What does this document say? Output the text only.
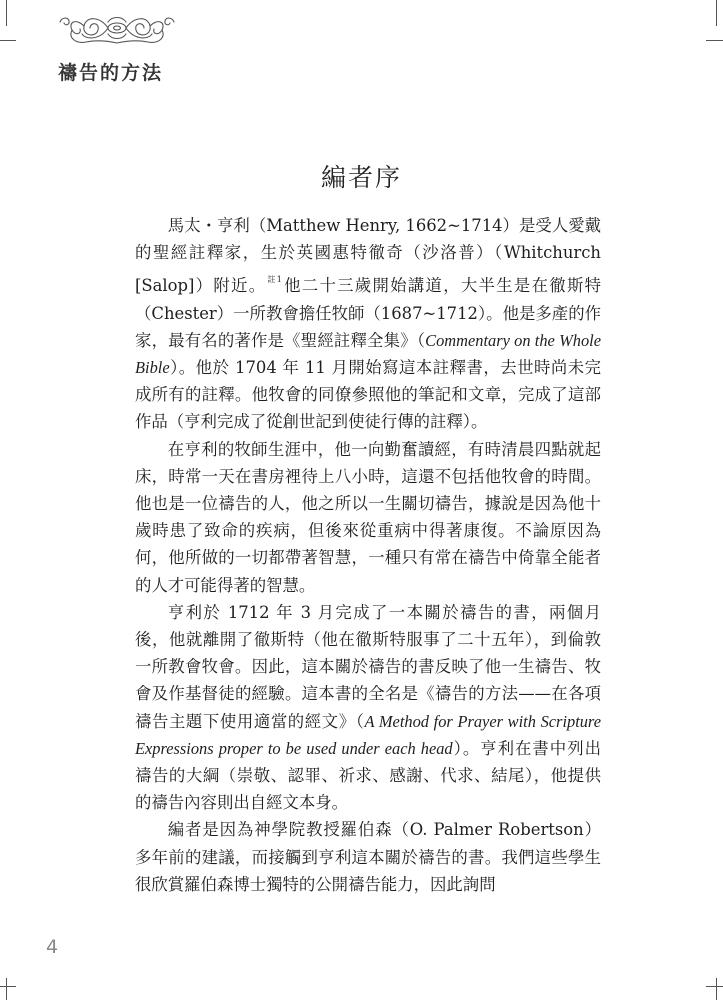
禱告的方法
編者序

馬太・亨利（Matthew Henry, 1662~1714）是受人愛戴的聖經註釋家，生於英國惠特徹奇（沙洛普）（Whitchurch [Salop]）附近。$^{註1}$他二十三歲開始講道，大半生是在徹斯特（Chester）一所教會擔任牧師（1687~1712）。他是多產的作家，最有名的著作是《聖經註釋全集》（Commentary on the Whole Bible）。他於 1704 年 11 月開始寫這本註釋書，去世時尚未完成所有的註釋。他牧會的同僚參照他的筆記和文章，完成了這部作品（亨利完成了從創世記到使徒行傳的註釋）。

在亨利的牧師生涯中，他一向勤奮讀經，有時清晨四點就起床，時常一天在書房裡待上八小時，這還不包括他牧會的時間。他也是一位禱告的人，他之所以一生關切禱告，據說是因為他十歲時患了致命的疾病，但後來從重病中得著康復。不論原因為何，他所做的一切都帶著智慧，一種只有常在禱告中倚靠全能者的人才可能得著的智慧。

亨利於 1712 年 3 月完成了一本關於禱告的書，兩個月後，他就離開了徹斯特（他在徹斯特服事了二十五年），到倫敦一所教會牧會。因此，這本關於禱告的書反映了他一生禱告、牧會及作基督徒的經驗。這本書的全名是《禱告的方法——在各項禱告主題下使用適當的經文》（A Method for Prayer with Scripture Expressions proper to be used under each head）。亨利在書中列出禱告的大綱（崇敬、認罪、祈求、感謝、代求、結尾），他提供的禱告內容則出自經文本身。

編者是因為神學院教授羅伯森（O. Palmer Robertson）多年前的建議，而接觸到亨利這本關於禱告的書。我們這些學生很欣賞羅伯森博士獨特的公開禱告能力，因此詢問

4
